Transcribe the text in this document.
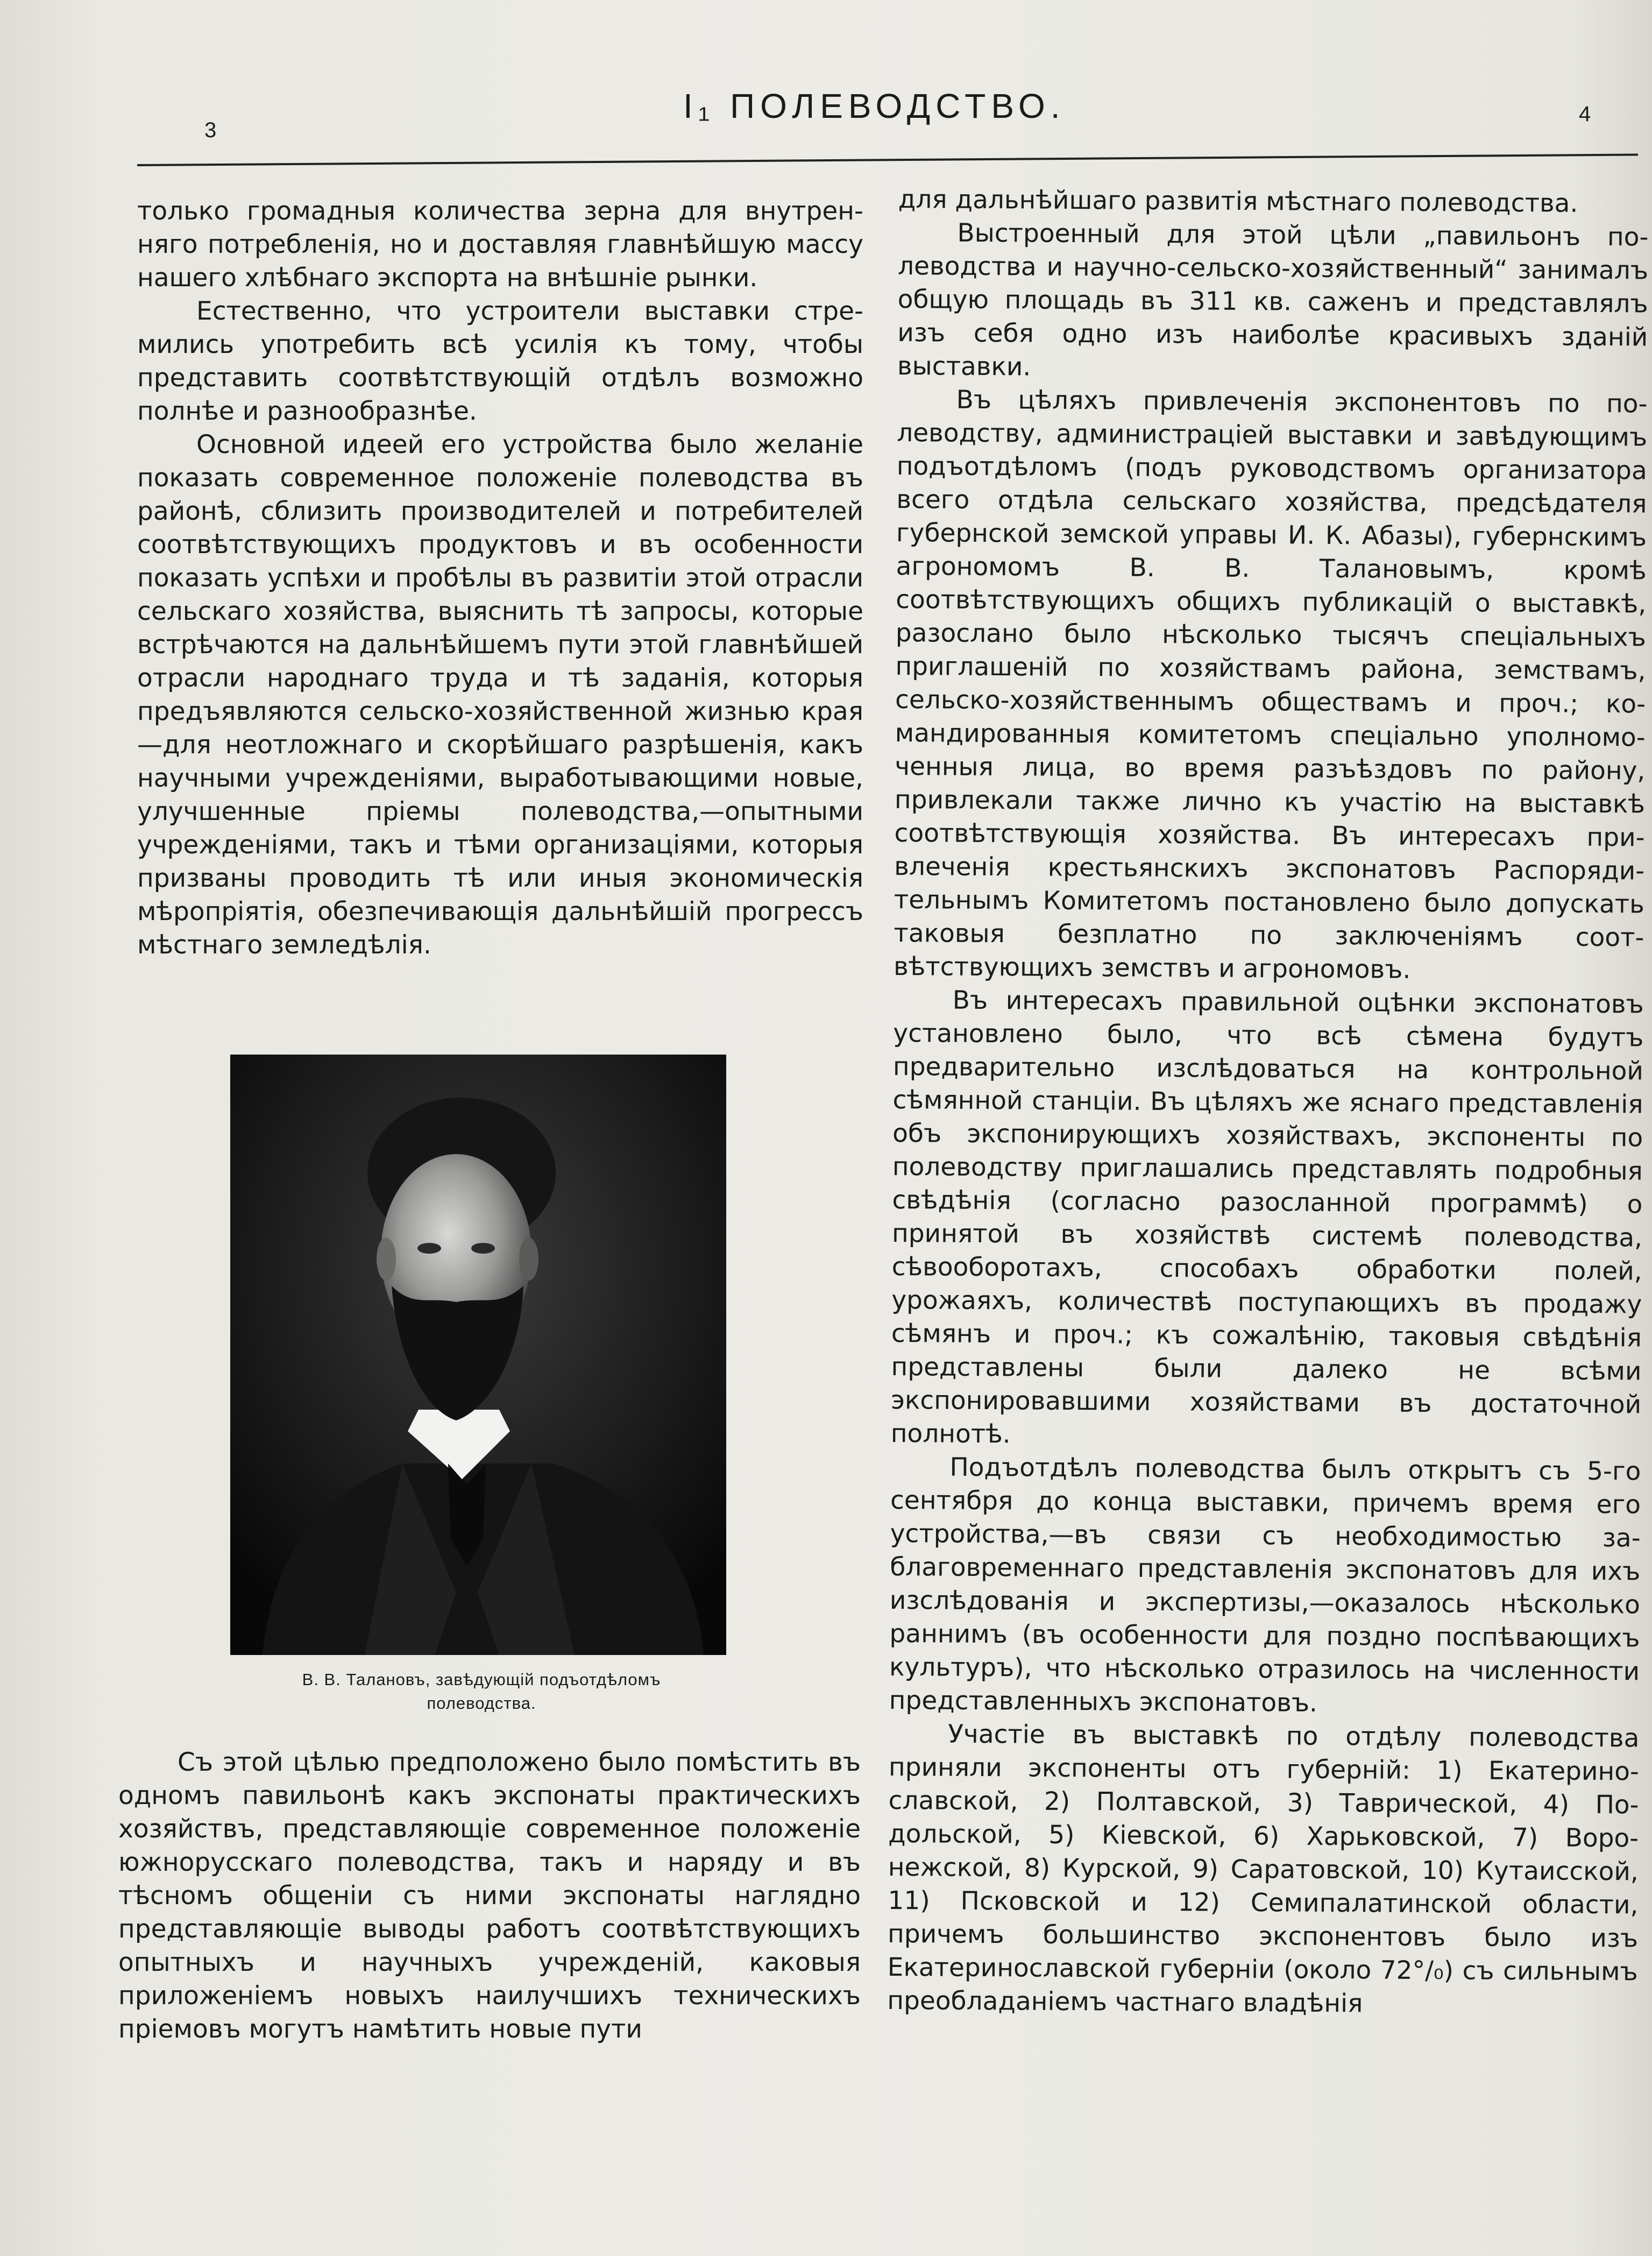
3
I₁ ПОЛЕВОДСТВО.	4

только громадныя количества зерна для внутренняго потребленія, но и доставляя главнѣйшую массу нашего хлѣбнаго экспорта на внѣшніе рынки.

Естественно, что устроители выставки стремились употребить всѣ усилія къ тому, чтобы представить соотвѣтствующій отдѣлъ возможно полнѣе и разнообразнѣе.

Основной идеей его устройства было желаніе показать современное положеніе полеводства въ районѣ, сблизить производителей и потребителей соотвѣтствующихъ продуктовъ и въ особенности показать успѣхи и пробѣлы въ развитіи этой отрасли сельскаго хозяйства, выяснить тѣ запросы, которые встрѣчаются на дальнѣйшемъ пути этой главнѣйшей отрасли народнаго труда и тѣ заданія, которыя предъявляются сельско-хозяйственной жизнью края—для неотложнаго и скорѣйшаго разрѣшенія, какъ научными учрежденіями, выработывающими новые, улучшенные пріемы полеводства,—опытными учрежденіями, такъ и тѣми организаціями, которыя призваны проводить тѣ или иныя экономическія мѣропріятія, обезпечивающія дальнѣйшій прогрессъ мѣстнаго земледѣлія.

В. В. Талановъ, завѣдующій подъотдѣломъ
полеводства.

Съ этой цѣлью предположено было помѣстить въ одномъ павильонѣ какъ экспонаты практическихъ хозяйствъ, представляющіе современное положеніе южнорусскаго полеводства, такъ и наряду и въ тѣсномъ общеніи съ ними экспонаты наглядно представляющіе выводы работъ соотвѣтствующихъ опытныхъ и научныхъ учрежденій, каковыя приложеніемъ новыхъ наилучшихъ техническихъ пріемовъ могутъ намѣтить новые пути

для дальнѣйшаго развитія мѣстнаго полеводства.

Выстроенный для этой цѣли „павильонъ полеводства и научно-сельско-хозяйственный“ занималъ общую площадь въ 311 кв. саженъ и представлялъ изъ себя одно изъ наиболѣе красивыхъ зданій выставки.

Въ цѣляхъ привлеченія экспонентовъ по полеводству, администраціей выставки и завѣдующимъ подъотдѣломъ (подъ руководствомъ организатора всего отдѣла сельскаго хозяйства, предсѣдателя губернской земской управы И. К. Абазы), губернскимъ агрономомъ В. В. Талановымъ, кромѣ соотвѣтствующихъ общихъ публикацій о выставкѣ, разослано было нѣсколько тысячъ спеціальныхъ приглашеній по хозяйствамъ района, земствамъ, сельско-хозяйственнымъ обществамъ и проч.; командированныя комитетомъ спеціально уполномоченныя лица, во время разъѣздовъ по району, привлекали также лично къ участію на выставкѣ соотвѣтствующія хозяйства. Въ интересахъ привлеченія крестьянскихъ экспонатовъ Распорядительнымъ Комитетомъ постановлено было допускать таковыя безплатно по заключеніямъ соотвѣтствующихъ земствъ и агрономовъ.

Въ интересахъ правильной оцѣнки экспонатовъ установлено было, что всѣ сѣмена будутъ предварительно изслѣдоваться на контрольной сѣмянной станціи. Въ цѣляхъ же яснаго представленія объ экспонирующихъ хозяйствахъ, экспоненты по полеводству приглашались представлять подробныя свѣдѣнія (согласно разосланной программѣ) о принятой въ хозяйствѣ системѣ полеводства, сѣвооборотахъ, способахъ обработки полей, урожаяхъ, количествѣ поступающихъ въ продажу сѣмянъ и проч.; къ сожалѣнію, таковыя свѣдѣнія представлены были далеко не всѣми экспонировавшими хозяйствами въ достаточной полнотѣ.

Подъотдѣлъ полеводства былъ открытъ съ 5-го сентября до конца выставки, причемъ время его устройства,—въ связи съ необходимостью заблаговременнаго представленія экспонатовъ для ихъ изслѣдованія и экспертизы,—оказалось нѣсколько раннимъ (въ особенности для поздно поспѣвающихъ культуръ), что нѣсколько отразилось на численности представленныхъ экспонатовъ.

Участіе въ выставкѣ по отдѣлу полеводства приняли экспоненты отъ губерній: 1) Екатеринославской, 2) Полтавской, 3) Таврической, 4) Подольской, 5) Кіевской, 6) Харьковской, 7) Воронежской, 8) Курской, 9) Саратовской, 10) Кутаисской, 11) Псковской и 12) Семипалатинской области, причемъ большинство экспонентовъ было изъ Екатеринославской губерніи (около 72°/₀) съ сильнымъ преобладаніемъ частнаго владѣнія
